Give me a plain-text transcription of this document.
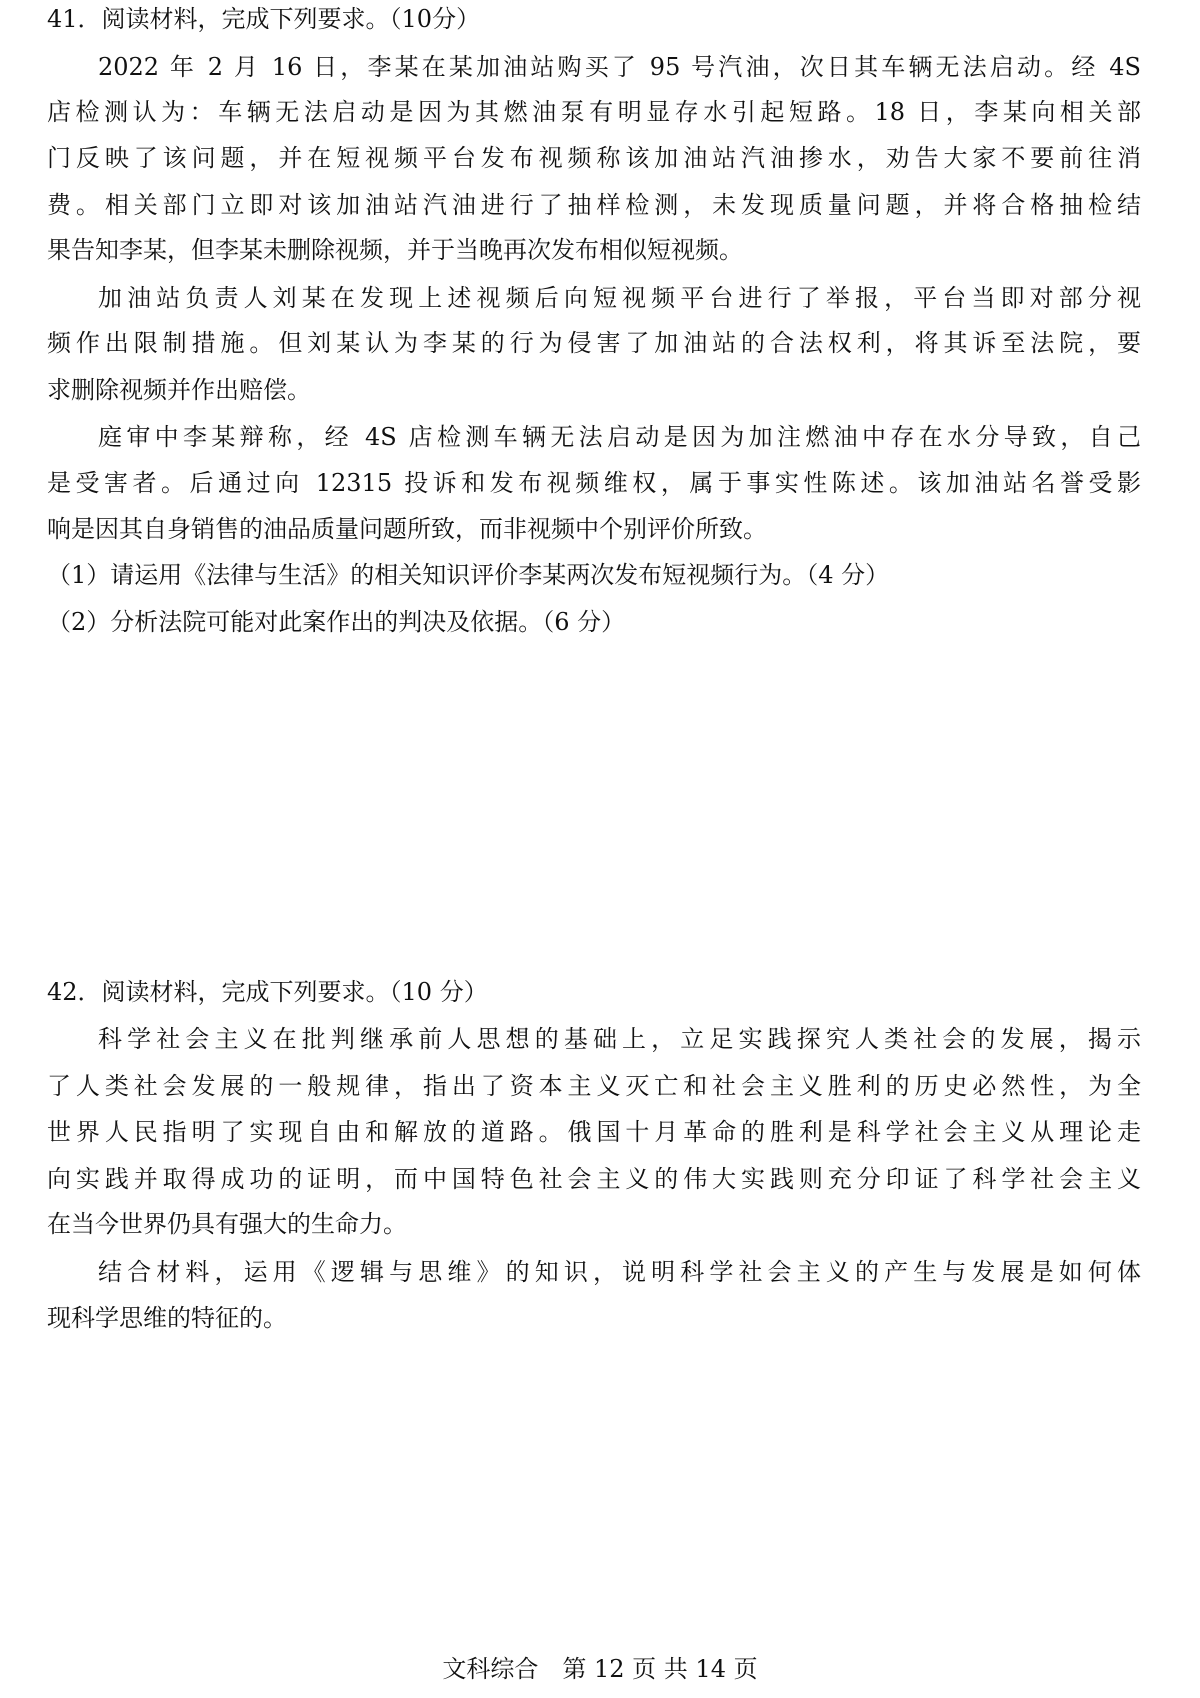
41．阅读材料，完成下列要求。（10分）
2022 年 2 月 16 日，李某在某加油站购买了 95 号汽油，次日其车辆无法启动。经 4S
店检测认为：车辆无法启动是因为其燃油泵有明显存水引起短路。18 日，李某向相关部
门反映了该问题，并在短视频平台发布视频称该加油站汽油掺水，劝告大家不要前往消
费。相关部门立即对该加油站汽油进行了抽样检测，未发现质量问题，并将合格抽检结
果告知李某，但李某未删除视频，并于当晚再次发布相似短视频。
加油站负责人刘某在发现上述视频后向短视频平台进行了举报，平台当即对部分视
频作出限制措施。但刘某认为李某的行为侵害了加油站的合法权利，将其诉至法院，要
求删除视频并作出赔偿。
庭审中李某辩称，经 4S 店检测车辆无法启动是因为加注燃油中存在水分导致，自己
是受害者。后通过向 12315 投诉和发布视频维权，属于事实性陈述。该加油站名誉受影
响是因其自身销售的油品质量问题所致，而非视频中个别评价所致。
（1）请运用《法律与生活》的相关知识评价李某两次发布短视频行为。（4 分）
（2）分析法院可能对此案作出的判决及依据。（6 分）
42．阅读材料，完成下列要求。（10 分）
科学社会主义在批判继承前人思想的基础上，立足实践探究人类社会的发展，揭示
了人类社会发展的一般规律，指出了资本主义灭亡和社会主义胜利的历史必然性，为全
世界人民指明了实现自由和解放的道路。俄国十月革命的胜利是科学社会主义从理论走
向实践并取得成功的证明，而中国特色社会主义的伟大实践则充分印证了科学社会主义
在当今世界仍具有强大的生命力。
结合材料，运用《逻辑与思维》的知识，说明科学社会主义的产生与发展是如何体
现科学思维的特征的。
文科综合　第 12 页 共 14 页
